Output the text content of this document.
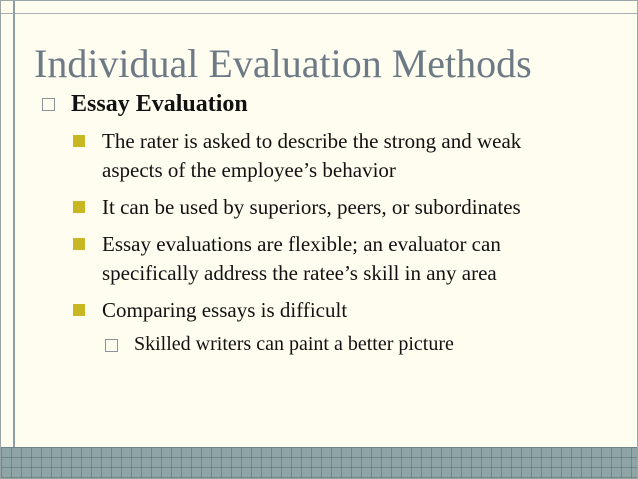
Individual Evaluation Methods
Essay Evaluation
The rater is asked to describe the strong and weak
aspects of the employee’s behavior
It can be used by superiors, peers, or subordinates
Essay evaluations are flexible; an evaluator can
specifically address the ratee’s skill in any area
Comparing essays is difficult
Skilled writers can paint a better picture
